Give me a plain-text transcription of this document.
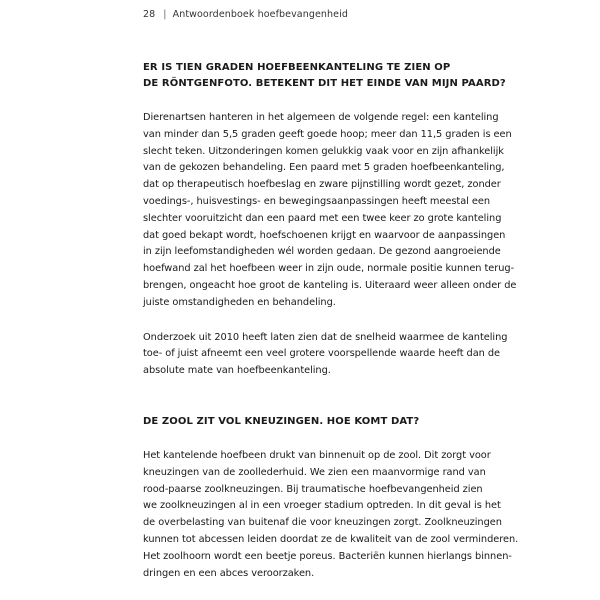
28 | Antwoordenboek hoefbevangenheid
ER IS TIEN GRADEN HOEFBEENKANTELING TE ZIEN OP
DE RÖNTGENFOTO. BETEKENT DIT HET EINDE VAN MIJN PAARD?
Dierenartsen hanteren in het algemeen de volgende regel: een kanteling
van minder dan 5,5 graden geeft goede hoop; meer dan 11,5 graden is een
slecht teken. Uitzonderingen komen gelukkig vaak voor en zijn afhankelijk
van de gekozen behandeling. Een paard met 5 graden hoefbeenkanteling,
dat op therapeutisch hoefbeslag en zware pijnstilling wordt gezet, zonder
voedings-, huisvestings- en bewegingsaanpassingen heeft meestal een
slechter vooruitzicht dan een paard met een twee keer zo grote kanteling
dat goed bekapt wordt, hoefschoenen krijgt en waarvoor de aanpassingen
in zijn leefomstandigheden wél worden gedaan. De gezond aangroeiende
hoefwand zal het hoefbeen weer in zijn oude, normale positie kunnen terug-
brengen, ongeacht hoe groot de kanteling is. Uiteraard weer alleen onder de
juiste omstandigheden en behandeling.
Onderzoek uit 2010 heeft laten zien dat de snelheid waarmee de kanteling
toe- of juist afneemt een veel grotere voorspellende waarde heeft dan de
absolute mate van hoefbeenkanteling.
DE ZOOL ZIT VOL KNEUZINGEN. HOE KOMT DAT?
Het kantelende hoefbeen drukt van binnenuit op de zool. Dit zorgt voor
kneuzingen van de zoollederhuid. We zien een maanvormige rand van
rood-paarse zoolkneuzingen. Bij traumatische hoefbevangenheid zien
we zoolkneuzingen al in een vroeger stadium optreden. In dit geval is het
de overbelasting van buitenaf die voor kneuzingen zorgt. Zoolkneuzingen
kunnen tot abcessen leiden doordat ze de kwaliteit van de zool verminderen.
Het zoolhoorn wordt een beetje poreus. Bacteriën kunnen hierlangs binnen-
dringen en een abces veroorzaken.
